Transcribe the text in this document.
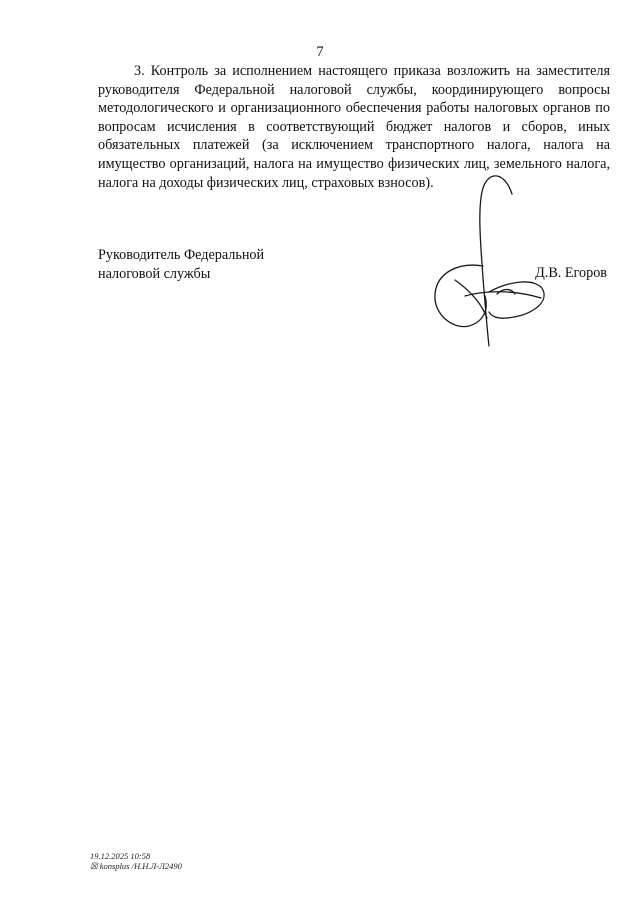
7

3. Контроль за исполнением настоящего приказа возложить на заместителя руководителя Федеральной налоговой службы, координирующего вопросы методологического и организационного обеспечения работы налоговых органов по вопросам исчисления в соответствующий бюджет налогов и сборов, иных обязательных платежей (за исключением транспортного налога, налога на имущество организаций, налога на имущество физических лиц, земельного налога, налога на доходы физических лиц, страховых взносов).

Руководитель Федеральной
налоговой службы	Д.В. Егоров
19.12.2025 10:58
☒ konsplus /Н.Н.Л-Л2490
